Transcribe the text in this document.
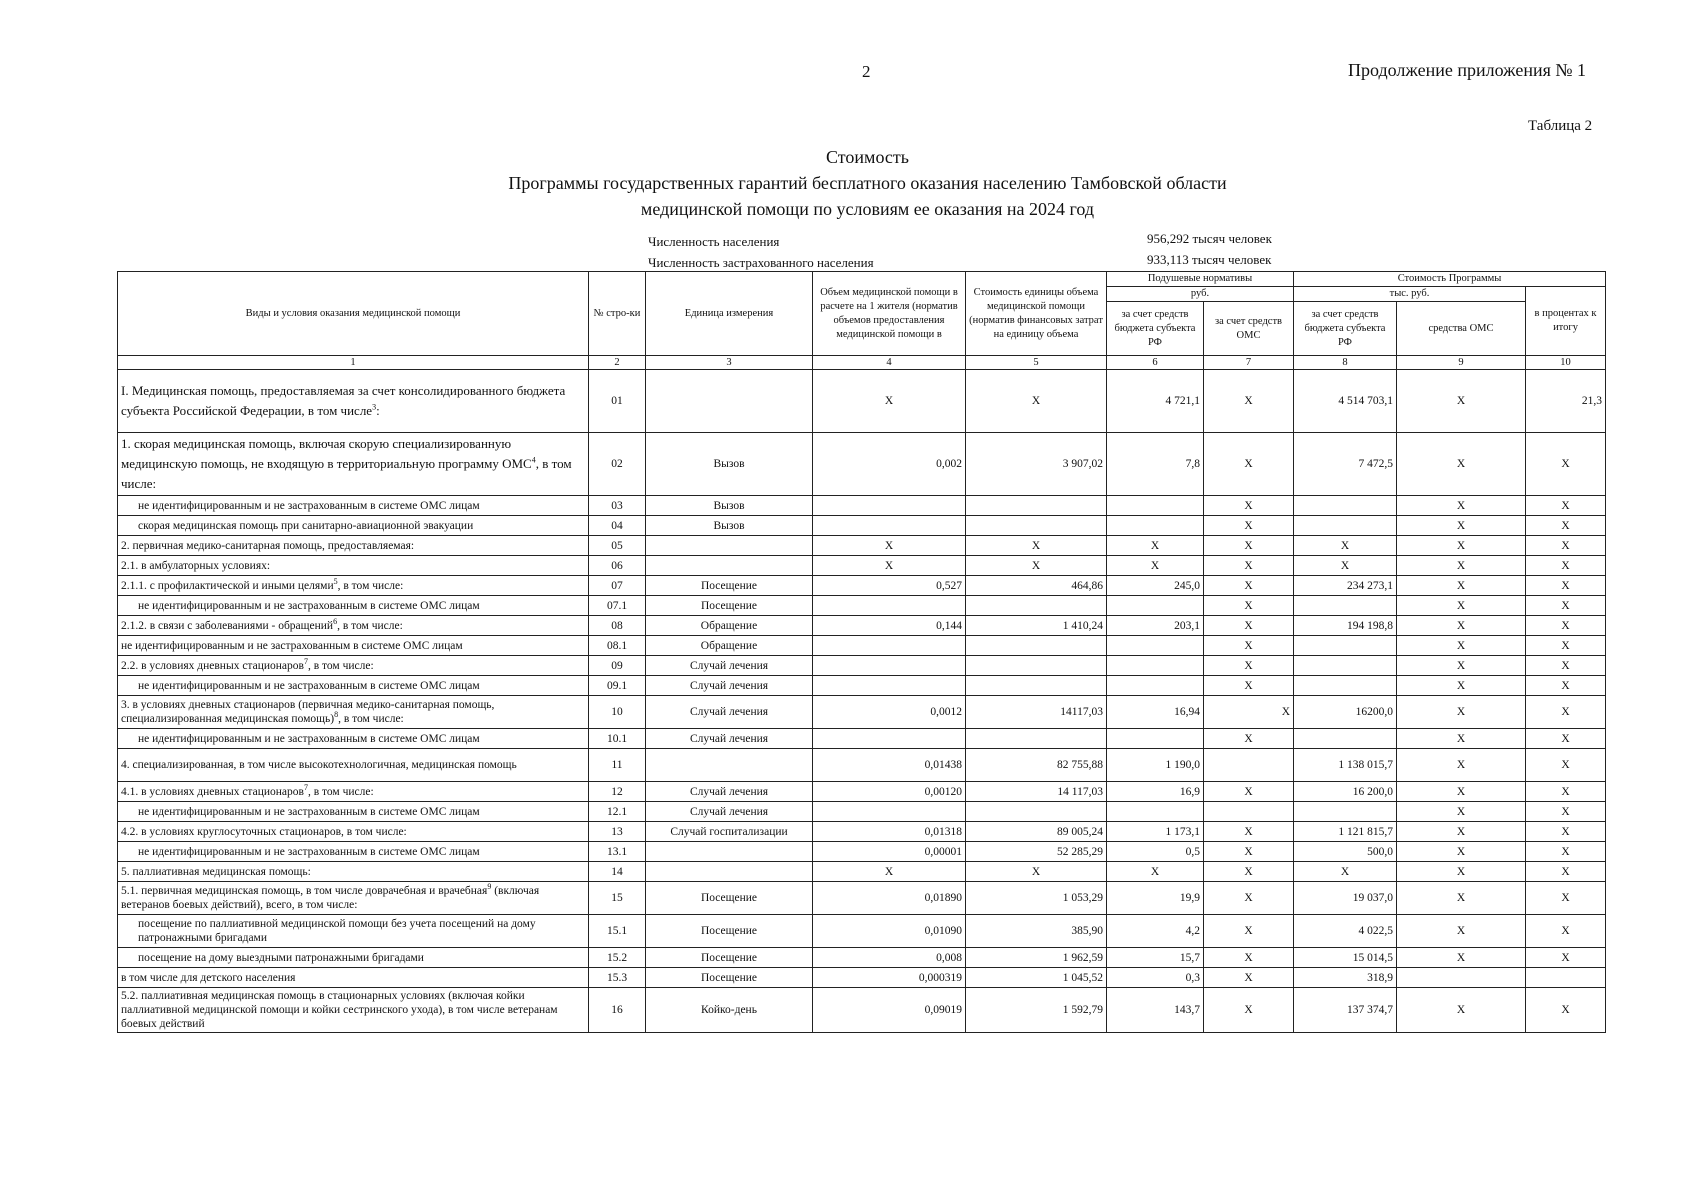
2	Продолжение приложения № 1
Таблица 2
Стоимость
Программы государственных гарантий бесплатного оказания населению Тамбовской области
медицинской помощи по условиям ее оказания на 2024 год
Численность населения	956,292 тысяч человек
Численность застрахованного населения	933,113 тысяч человек
Виды и условия оказания медицинской помощи	№ стро-ки	Единица измерения	Объем медицинской помощи в расчете на 1 жителя (норматив объемов предоставления медицинской помощи в	Стоимость единицы объема медицинской помощи (норматив финансовых затрат на единицу объема	Подушевые нормативы		Стоимость Программы		
					руб.		тыс. руб.		в процентах к итогу
					за счет средств бюджета субъекта РФ	за счет средств ОМС	за счет средств бюджета субъекта РФ	средства ОМС	
1	2	3	4	5	6	7	8	9	10
I. Медицинская помощь, предоставляемая за счет консолидированного бюджета субъекта Российской Федерации, в том числе$^3$:	01		X	X	4 721,1	X	4 514 703,1	X	21,3
1. скорая медицинская помощь, включая скорую специализированную медицинскую помощь, не входящую в территориальную программу ОМС$^4$, в том числе:	02	Вызов	0,002	3 907,02	7,8	X	7 472,5	X	X
не идентифицированным и не застрахованным в системе ОМС лицам	03	Вызов				X		X	X
скорая медицинская помощь при санитарно-авиационной эвакуации	04	Вызов				X		X	X
2. первичная медико-санитарная помощь, предоставляемая:	05		X	X	X	X	X	X	X
2.1. в амбулаторных условиях:	06		X	X	X	X	X	X	X
2.1.1. с профилактической и иными целями$^5$, в том числе:	07	Посещение	0,527	464,86	245,0	X	234 273,1	X	X
не идентифицированным и не застрахованным в системе ОМС лицам	07.1	Посещение				X		X	X
2.1.2. в связи с заболеваниями - обращений$^6$, в том числе:	08	Обращение	0,144	1 410,24	203,1	X	194 198,8	X	X
не идентифицированным и не застрахованным в системе ОМС лицам	08.1	Обращение				X		X	X
2.2. в условиях дневных стационаров$^7$, в том числе:	09	Случай лечения				X		X	X
не идентифицированным и не застрахованным в системе ОМС лицам	09.1	Случай лечения				X		X	X
3. в условиях дневных стационаров (первичная медико-санитарная помощь, специализированная медицинская помощь)$^8$, в том числе:	10	Случай лечения	0,0012	14117,03	16,94	X	16200,0	X	X
не идентифицированным и не застрахованным в системе ОМС лицам	10.1	Случай лечения				X		X	X
4. специализированная, в том числе высокотехнологичная, медицинская помощь	11		0,01438	82 755,88	1 190,0		1 138 015,7	X	X
4.1. в условиях дневных стационаров$^7$, в том числе:	12	Случай лечения	0,00120	14 117,03	16,9	X	16 200,0	X	X
не идентифицированным и не застрахованным в системе ОМС лицам	12.1	Случай лечения						X	X
4.2. в условиях круглосуточных стационаров, в том числе:	13	Случай госпитализации	0,01318	89 005,24	1 173,1	X	1 121 815,7	X	X
не идентифицированным и не застрахованным в системе ОМС лицам	13.1		0,00001	52 285,29	0,5	X	500,0	X	X
5. паллиативная медицинская помощь:	14		X	X	X	X	X	X	X
5.1. первичная медицинская помощь, в том числе доврачебная и врачебная$^9$ (включая ветеранов боевых действий), всего, в том числе:	15	Посещение	0,01890	1 053,29	19,9	X	19 037,0	X	X
посещение по паллиативной медицинской помощи без учета посещений на дому патронажными бригадами	15.1	Посещение	0,01090	385,90	4,2	X	4 022,5	X	X
посещение на дому выездными патронажными бригадами	15.2	Посещение	0,008	1 962,59	15,7	X	15 014,5	X	X
в том числе для детского населения	15.3	Посещение	0,000319	1 045,52	0,3	X	318,9		
5.2. паллиативная медицинская помощь в стационарных условиях (включая койки паллиативной медицинской помощи и койки сестринского ухода), в том числе ветеранам боевых действий	16	Койко-день	0,09019	1 592,79	143,7	X	137 374,7	X	X
